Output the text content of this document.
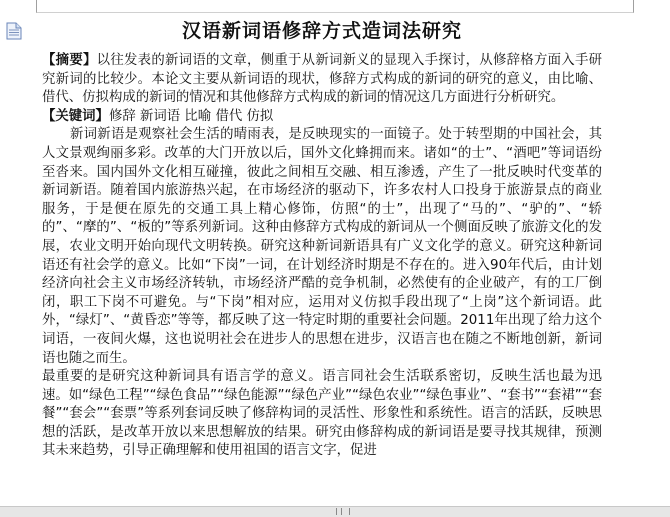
汉语新词语修辞方式造词法研究

【摘要】以往发表的新词语的文章，侧重于从新词新义的显现入手探讨，从修辞格方面入手研究新词的比较少。本论文主要从新词语的现状，修辞方式构成的新词的研究的意义，由比喻、借代、仿拟构成的新词的情况和其他修辞方式构成的新词的情况这几方面进行分析研究。

【关键词】修辞 新词语 比喻 借代 仿拟

新词新语是观察社会生活的晴雨表，是反映现实的一面镜子。处于转型期的中国社会，其人文景观绚丽多彩。改革的大门开放以后，国外文化蜂拥而来。诸如“的士”、“酒吧”等词语纷至沓来。国内国外文化相互碰撞，彼此之间相互交融、相互渗透，产生了一批反映时代变革的新词新语。随着国内旅游热兴起，在市场经济的驱动下，许多农村人口投身于旅游景点的商业服务，于是便在原先的交通工具上精心修饰，仿照“的士”，出现了“马的”、“驴的”、“轿的”、“摩的”、“板的”等系列新词。这种由修辞方式构成的新词从一个侧面反映了旅游文化的发展，农业文明开始向现代文明转换。研究这种新词新语具有广义文化学的意义。研究这种新词语还有社会学的意义。比如“下岗”一词，在计划经济时期是不存在的。进入90年代后，由计划经济向社会主义市场经济转轨，市场经济严酷的竞争机制，必然使有的企业破产，有的工厂倒闭，职工下岗不可避免。与“下岗”相对应，运用对义仿拟手段出现了“上岗”这个新词语。此外，“绿灯”、“黄昏恋”等等，都反映了这一特定时期的重要社会问题。2011年出现了给力这个词语，一夜间火爆，这也说明社会在进步人的思想在进步，汉语言也在随之不断地创新，新词语也随之而生。

最重要的是研究这种新词具有语言学的意义。语言同社会生活联系密切，反映生活也最为迅速。如“绿色工程”“绿色食品”“绿色能源”“绿色产业”“绿色农业”“绿色事业”、“套书”“套裙”“套餐”“套会”“套票”等系列套词反映了修辞构词的灵活性、形象性和系统性。语言的活跃，反映思想的活跃，是改革开放以来思想解放的结果。研究由修辞构成的新词语是要寻找其规律，预测其未来趋势，引导正确理解和使用祖国的语言文字，促进
